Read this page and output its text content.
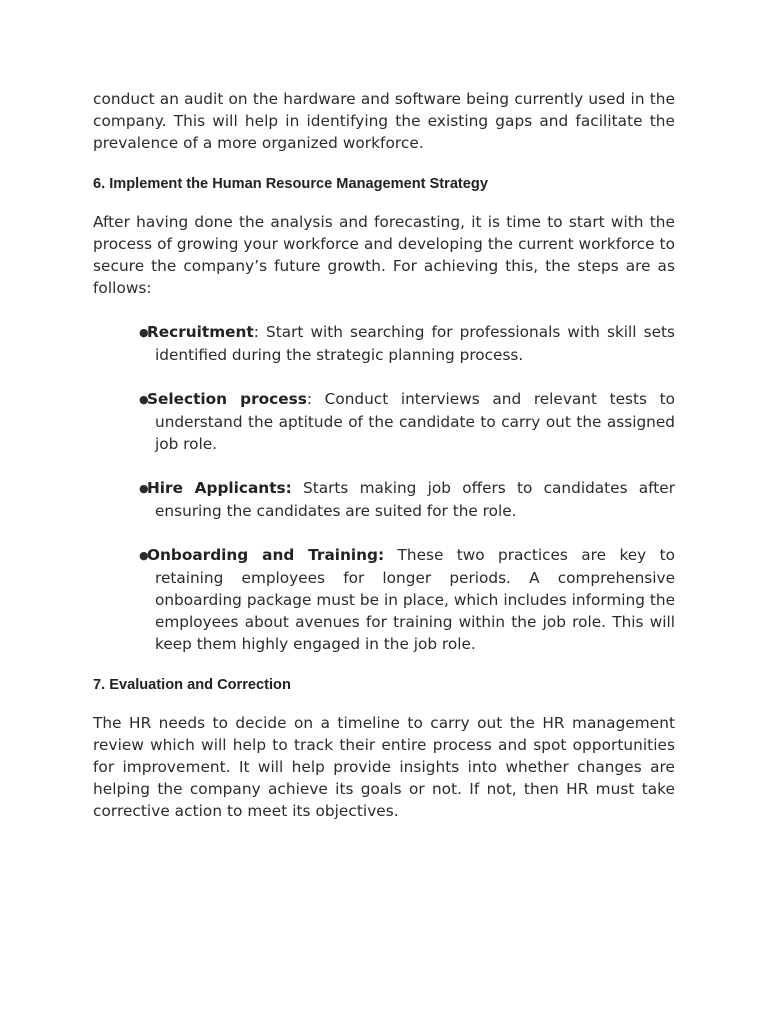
conduct an audit on the hardware and software being currently used in the company. This will help in identifying the existing gaps and facilitate the prevalence of a more organized workforce.

6. Implement the Human Resource Management Strategy

After having done the analysis and forecasting, it is time to start with the process of growing your workforce and developing the current workforce to secure the company’s future growth. For achieving this, the steps are as follows:

●Recruitment: Start with searching for professionals with skill sets identified during the strategic planning process.
●Selection process: Conduct interviews and relevant tests to understand the aptitude of the candidate to carry out the assigned job role.
●Hire Applicants: Starts making job offers to candidates after ensuring the candidates are suited for the role.
●Onboarding and Training: These two practices are key to retaining employees for longer periods. A comprehensive onboarding package must be in place, which includes informing the employees about avenues for training within the job role. This will keep them highly engaged in the job role.
7. Evaluation and Correction

The HR needs to decide on a timeline to carry out the HR management review which will help to track their entire process and spot opportunities for improvement. It will help provide insights into whether changes are helping the company achieve its goals or not. If not, then HR must take corrective action to meet its objectives.
